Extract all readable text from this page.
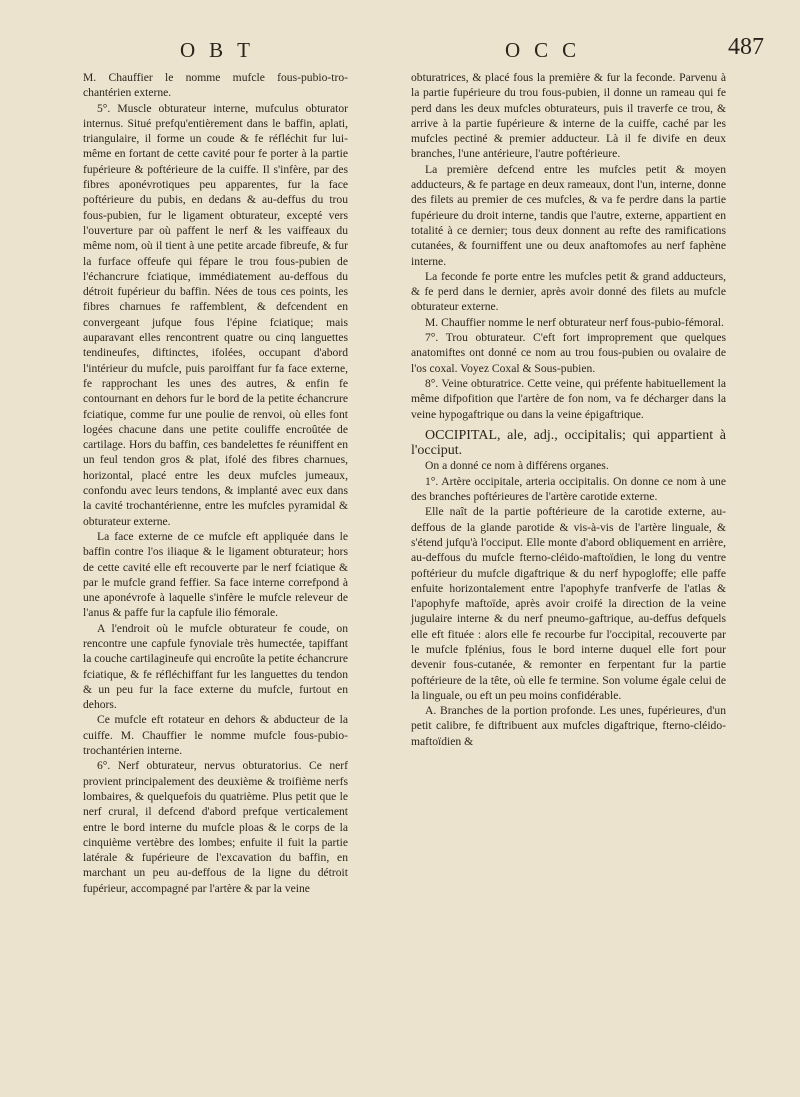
OBT	OCC	487

M. Chauffier le nomme mufcle fous-pubio-tro-chantérien externe.

5°. Muscle obturateur interne, mufculus obturator internus. Situé prefqu'entièrement dans le baffin, aplati, triangulaire, il forme un coude & fe réfléchit fur lui-même en fortant de cette cavité pour fe porter à la partie fupérieure & poftérieure de la cuiffe. Il s'infère, par des fibres aponévrotiques peu apparentes, fur la face poftérieure du pubis, en dedans & au-deffus du trou fous-pubien, fur le ligament obturateur, excepté vers l'ouverture par où paffent le nerf & les vaiffeaux du même nom, où il tient à une petite arcade fibreufe, & fur la furface offeufe qui fépare le trou fous-pubien de l'échancrure fciatique, immédiatement au-deffous du détroit fupérieur du baffin. Nées de tous ces points, les fibres charnues fe raffemblent, & defcendent en convergeant jufque fous l'épine fciatique; mais auparavant elles rencontrent quatre ou cinq languettes tendineufes, diftinctes, ifolées, occupant d'abord l'intérieur du mufcle, puis paroiffant fur fa face externe, fe rapprochant les unes des autres, & enfin fe contournant en dehors fur le bord de la petite échancrure fciatique, comme fur une poulie de renvoi, où elles font logées chacune dans une petite couliffe encroûtée de cartilage. Hors du baffin, ces bandelettes fe réuniffent en un feul tendon gros & plat, ifolé des fibres charnues, horizontal, placé entre les deux mufcles jumeaux, confondu avec leurs tendons, & implanté avec eux dans la cavité trochantérienne, entre les mufcles pyramidal & obturateur externe.

La face externe de ce mufcle eft appliquée dans le baffin contre l'os iliaque & le ligament obturateur; hors de cette cavité elle eft recouverte par le nerf fciatique & par le mufcle grand feffier. Sa face interne correfpond à une aponévrofe à laquelle s'infère le mufcle releveur de l'anus & paffe fur la capfule ilio fémorale.

A l'endroit où le mufcle obturateur fe coude, on rencontre une capfule fynoviale très humectée, tapiffant la couche cartilagineufe qui encroûte la petite échancrure fciatique, & fe réfléchiffant fur les languettes du tendon & un peu fur la face externe du mufcle, furtout en dehors.

Ce mufcle eft rotateur en dehors & abducteur de la cuiffe. M. Chauffier le nomme mufcle fous-pubio-trochantérien interne.

6°. Nerf obturateur, nervus obturatorius. Ce nerf provient principalement des deuxième & troifième nerfs lombaires, & quelquefois du quatrième. Plus petit que le nerf crural, il defcend d'abord prefque verticalement entre le bord interne du mufcle ploas & le corps de la cinquième vertèbre des lombes; enfuite il fuit la partie latérale & fupérieure de l'excavation du baffin, en marchant un peu au-deffous de la ligne du détroit fupérieur, accompagné par l'artère & par la veine

obturatrices, & placé fous la première & fur la feconde. Parvenu à la partie fupérieure du trou fous-pubien, il donne un rameau qui fe perd dans les deux mufcles obturateurs, puis il traverfe ce trou, & arrive à la partie fupérieure & interne de la cuiffe, caché par les mufcles pectiné & premier adducteur. Là il fe divife en deux branches, l'une antérieure, l'autre poftérieure.

La première defcend entre les mufcles petit & moyen adducteurs, & fe partage en deux rameaux, dont l'un, interne, donne des filets au premier de ces mufcles, & va fe perdre dans la partie fupérieure du droit interne, tandis que l'autre, externe, appartient en totalité à ce dernier; tous deux donnent au refte des ramifications cutanées, & fourniffent une ou deux anaftomofes au nerf faphène interne.

La feconde fe porte entre les mufcles petit & grand adducteurs, & fe perd dans le dernier, après avoir donné des filets au mufcle obturateur externe.

M. Chauffier nomme le nerf obturateur nerf fous-pubio-fémoral.

7°. Trou obturateur. C'eft fort improprement que quelques anatomiftes ont donné ce nom au trou fous-pubien ou ovalaire de l'os coxal. Voyez Coxal & Sous-pubien.

8°. Veine obturatrice. Cette veine, qui préfente habituellement la même difpofition que l'artère de fon nom, va fe décharger dans la veine hypogaftrique ou dans la veine épigaftrique.

OCCIPITAL, ale, adj., occipitalis; qui appartient à l'occiput.

On a donné ce nom à différens organes.

1°. Artère occipitale, arteria occipitalis. On donne ce nom à une des branches poftérieures de l'artère carotide externe.

Elle naît de la partie poftérieure de la carotide externe, au-deffous de la glande parotide & vis-à-vis de l'artère linguale, & s'étend jufqu'à l'occiput. Elle monte d'abord obliquement en arrière, au-deffous du mufcle fterno-cléido-maftoïdien, le long du ventre poftérieur du mufcle digaftrique & du nerf hypogloffe; elle paffe enfuite horizontalement entre l'apophyfe tranfverfe de l'atlas & l'apophyfe maftoïde, après avoir croifé la direction de la veine jugulaire interne & du nerf pneumo-gaftrique, au-deffus defquels elle eft fituée : alors elle fe recourbe fur l'occipital, recouverte par le mufcle fplénius, fous le bord interne duquel elle fort pour devenir fous-cutanée, & remonter en ferpentant fur la partie poftérieure de la tête, où elle fe termine. Son volume égale celui de la linguale, ou eft un peu moins confidérable.

A. Branches de la portion profonde. Les unes, fupérieures, d'un petit calibre, fe diftribuent aux mufcles digaftrique, fterno-cléido-maftoïdien &
